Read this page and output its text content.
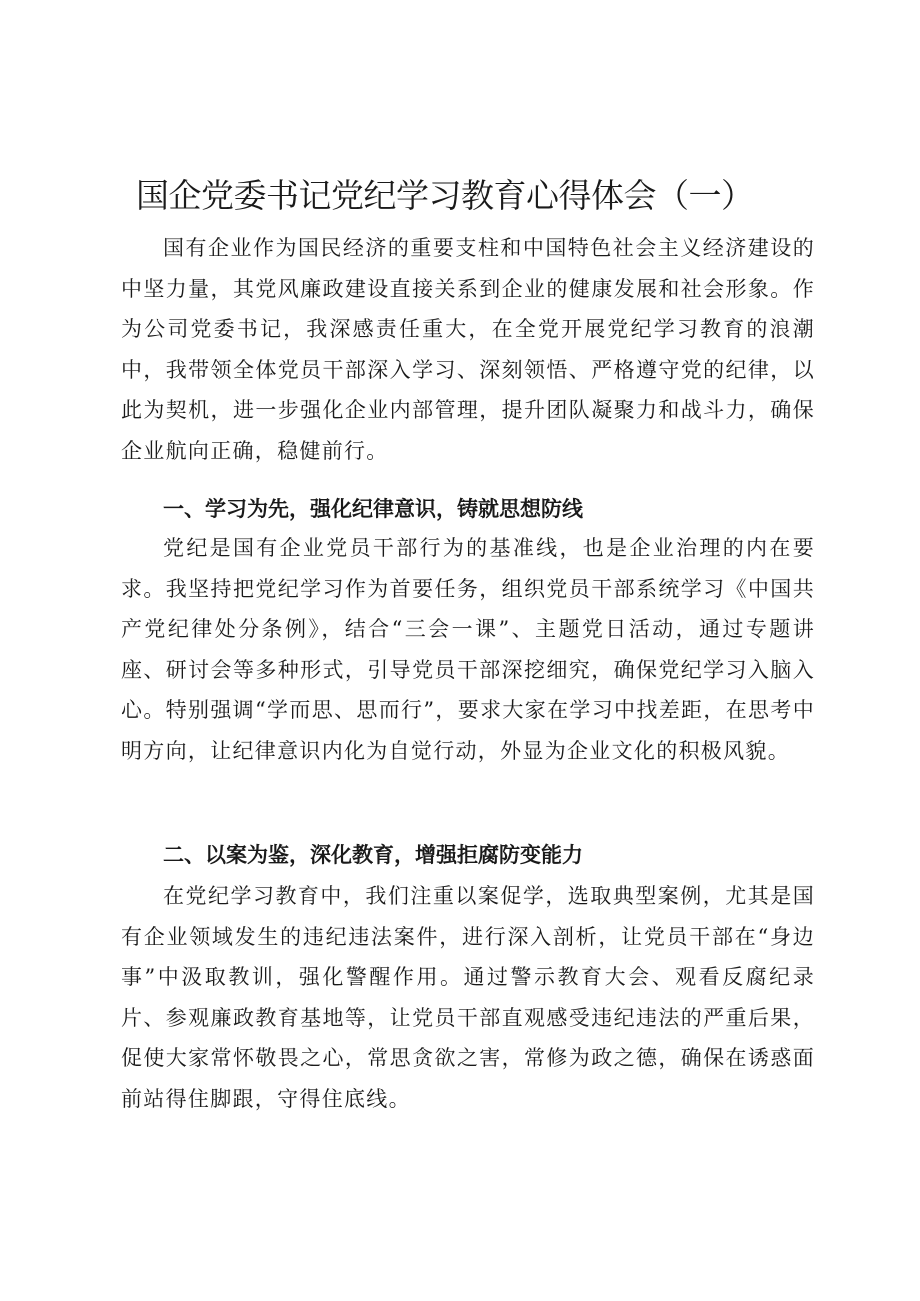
国企党委书记党纪学习教育心得体会（一）

国有企业作为国民经济的重要支柱和中国特色社会主义经济建设的中坚力量，其党风廉政建设直接关系到企业的健康发展和社会形象。作为公司党委书记，我深感责任重大，在全党开展党纪学习教育的浪潮中，我带领全体党员干部深入学习、深刻领悟、严格遵守党的纪律，以此为契机，进一步强化企业内部管理，提升团队凝聚力和战斗力，确保企业航向正确，稳健前行。

一、学习为先，强化纪律意识，铸就思想防线

党纪是国有企业党员干部行为的基准线，也是企业治理的内在要求。我坚持把党纪学习作为首要任务，组织党员干部系统学习《中国共产党纪律处分条例》，结合“三会一课”、主题党日活动，通过专题讲座、研讨会等多种形式，引导党员干部深挖细究，确保党纪学习入脑入心。特别强调“学而思、思而行”，要求大家在学习中找差距，在思考中明方向，让纪律意识内化为自觉行动，外显为企业文化的积极风貌。

二、以案为鉴，深化教育，增强拒腐防变能力

在党纪学习教育中，我们注重以案促学，选取典型案例，尤其是国有企业领域发生的违纪违法案件，进行深入剖析，让党员干部在“身边事”中汲取教训，强化警醒作用。通过警示教育大会、观看反腐纪录片、参观廉政教育基地等，让党员干部直观感受违纪违法的严重后果，促使大家常怀敬畏之心，常思贪欲之害，常修为政之德，确保在诱惑面前站得住脚跟，守得住底线。
